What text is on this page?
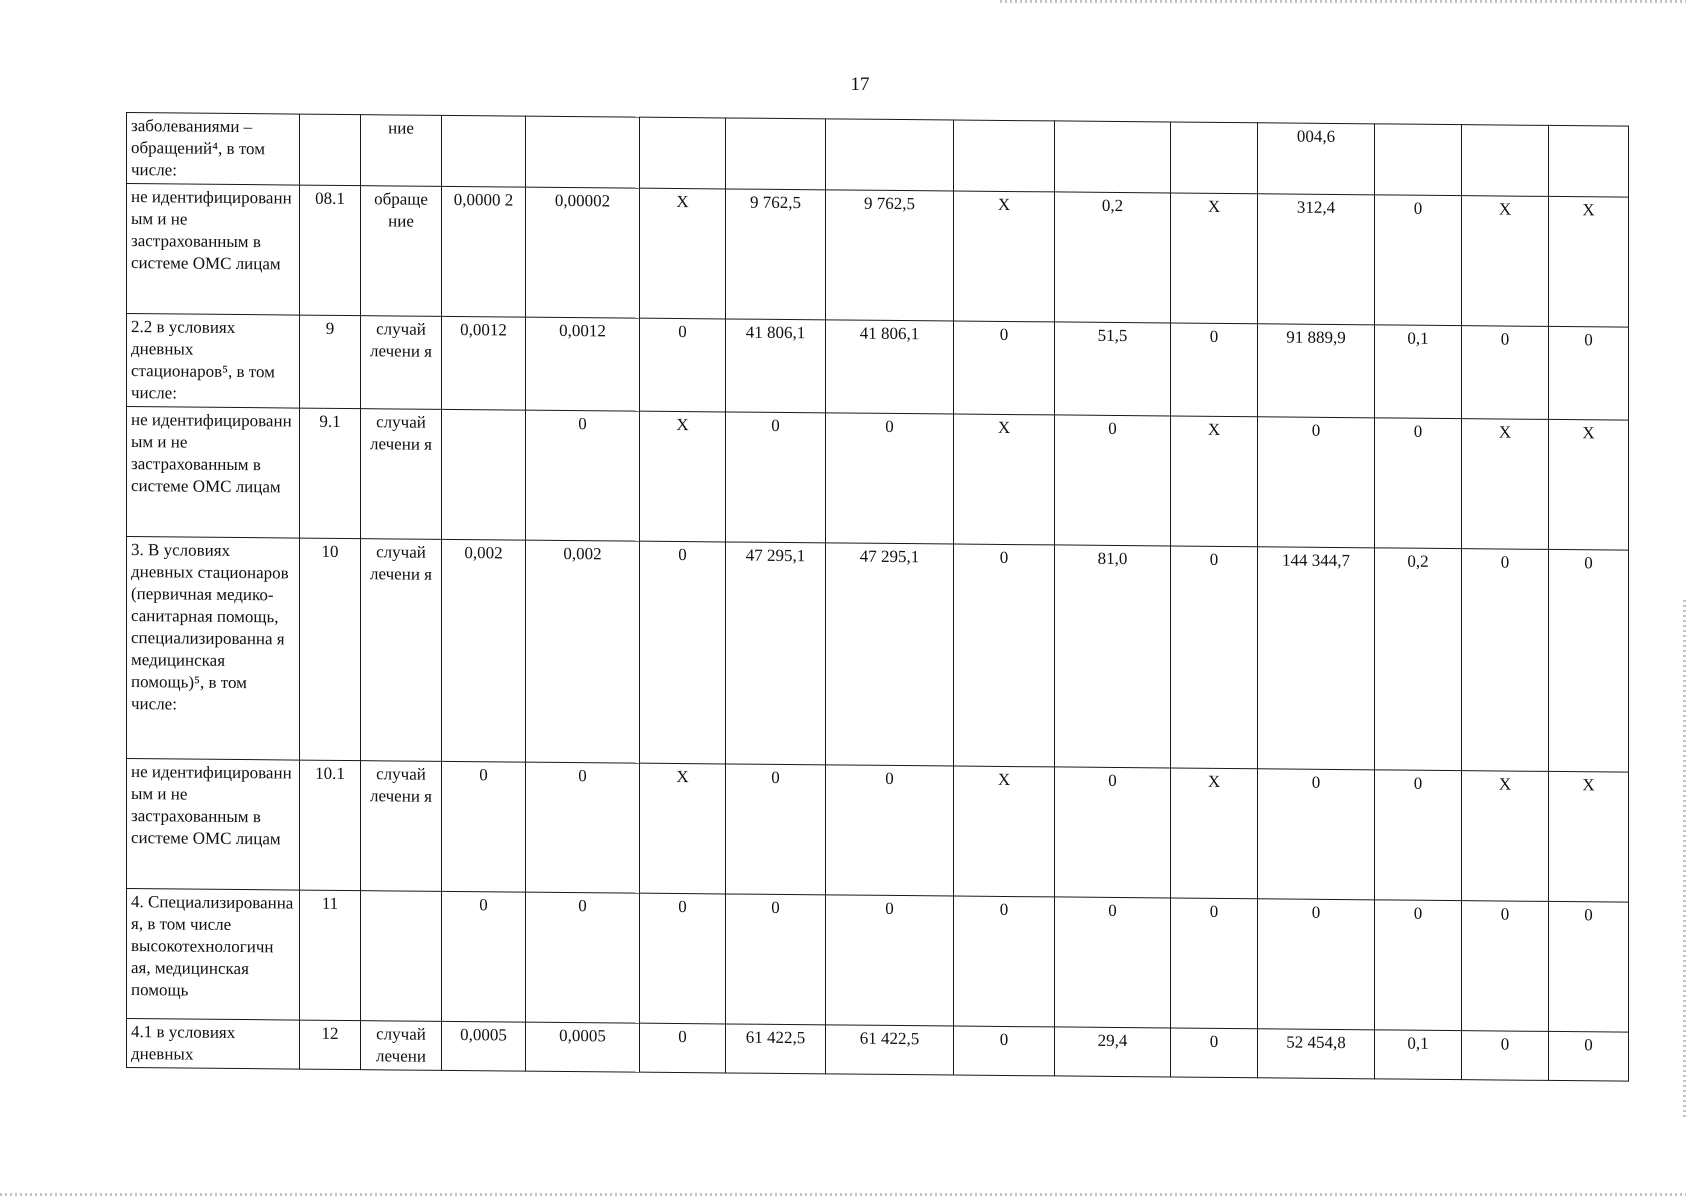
17
заболеваниями – обращений⁴, в том числе:		ние									004,6			
не идентифицированн ым и не застрахованным в системе ОМС лицам	08.1	обраще ние	0,0000 2	0,00002	X	9 762,5	9 762,5	X	0,2	X	312,4	0	X	X
2.2 в условиях дневных стационаров⁵, в том числе:	9	случай лечени я	0,0012	0,0012	0	41 806,1	41 806,1	0	51,5	0	91 889,9	0,1	0	0
не идентифицированн ым и не застрахованным в системе ОМС лицам	9.1	случай лечени я		0	X	0	0	X	0	X	0	0	X	X
3. В условиях дневных стационаров (первичная медико-санитарная помощь, специализированна я медицинская помощь)⁵, в том числе:	10	случай лечени я	0,002	0,002	0	47 295,1	47 295,1	0	81,0	0	144 344,7	0,2	0	0
не идентифицированн ым и не застрахованным в системе ОМС лицам	10.1	случай лечени я	0	0	X	0	0	X	0	X	0	0	X	X
4. Специализированна я, в том числе высокотехнологичн ая, медицинская помощь	11		0	0	0	0	0	0	0	0	0	0	0	0
4.1 в условиях дневных	12	случай лечени	0,0005	0,0005	0	61 422,5	61 422,5	0	29,4	0	52 454,8	0,1	0	0
